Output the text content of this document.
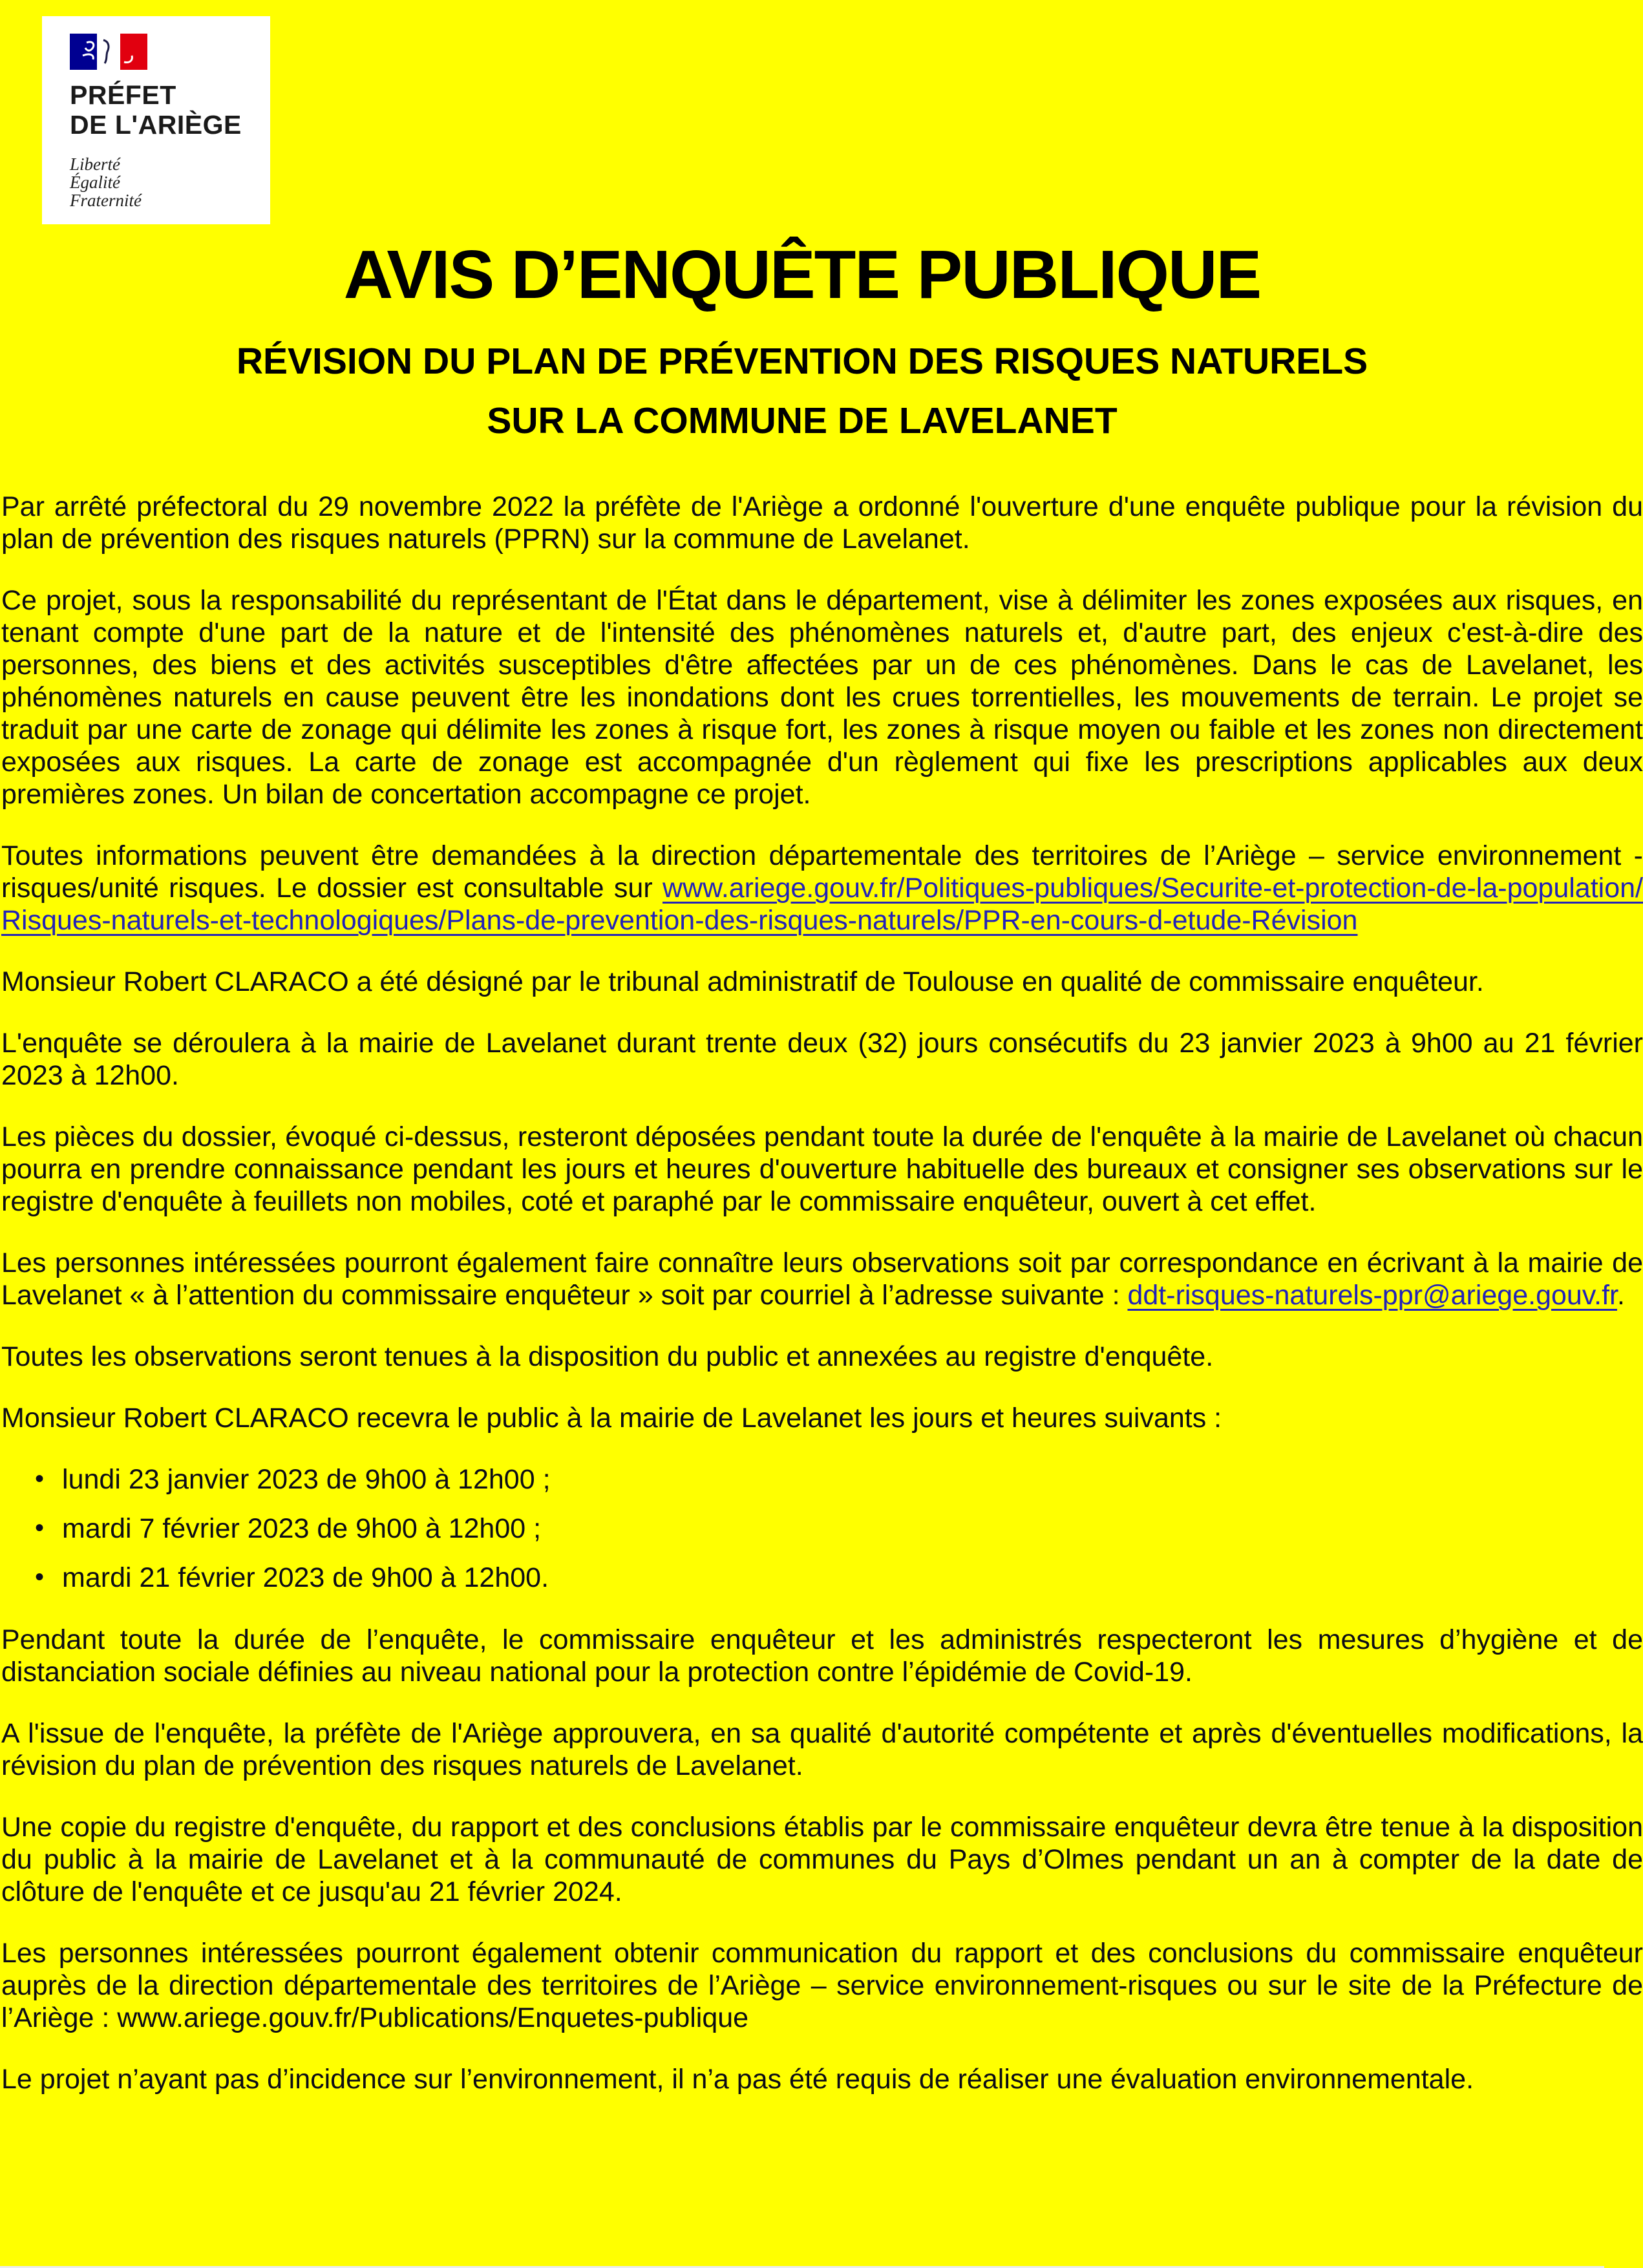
PRÉFET
DE L'ARIÈGE
Liberté
Égalité
Fraternité
AVIS D’ENQUÊTE PUBLIQUE
RÉVISION DU PLAN DE PRÉVENTION DES RISQUES NATURELS
SUR LA COMMUNE DE LAVELANET

Par arrêté préfectoral du 29 novembre 2022 la préfète de l'Ariège a ordonné l'ouverture d'une enquête publique pour la révision du plan de prévention des risques naturels (PPRN) sur la commune de Lavelanet.

Ce projet, sous la responsabilité du représentant de l'État dans le département, vise à délimiter les zones exposées aux risques, en tenant compte d'une part de la nature et de l'intensité des phénomènes naturels et, d'autre part, des enjeux c'est-à-dire des personnes, des biens et des activités susceptibles d'être affectées par un de ces phénomènes. Dans le cas de Lavelanet, les phénomènes naturels en cause peuvent être les inondations dont les crues torrentielles, les mouvements de terrain. Le projet se traduit par une carte de zonage qui délimite les zones à risque fort, les zones à risque moyen ou faible et les zones non directement exposées aux risques. La carte de zonage est accompagnée d'un règlement qui fixe les prescriptions applicables aux deux premières zones. Un bilan de concertation accompagne ce projet.

Toutes informations peuvent être demandées à la direction départementale des territoires de l’Ariège – service environnement - risques/unité risques. Le dossier est consultable sur www.ariege.gouv.fr/Politiques-publiques/Securite-et-protection-de-la-population/Risques-naturels-et-technologiques/Plans-de-prevention-des-risques-naturels/PPR-en-cours-d-etude-Révision

Monsieur Robert CLARACO a été désigné par le tribunal administratif de Toulouse en qualité de commissaire enquêteur.

L'enquête se déroulera à la mairie de Lavelanet durant trente deux (32) jours consécutifs du 23 janvier 2023 à 9h00 au 21 février 2023 à 12h00.

Les pièces du dossier, évoqué ci-dessus, resteront déposées pendant toute la durée de l'enquête à la mairie de Lavelanet où chacun pourra en prendre connaissance pendant les jours et heures d'ouverture habituelle des bureaux et consigner ses observations sur le registre d'enquête à feuillets non mobiles, coté et paraphé par le commissaire enquêteur, ouvert à cet effet.

Les personnes intéressées pourront également faire connaître leurs observations soit par correspondance en écrivant à la mairie de Lavelanet « à l’attention du commissaire enquêteur » soit par courriel à l’adresse suivante : ddt-risques-naturels-ppr@ariege.gouv.fr.

Toutes les observations seront tenues à la disposition du public et annexées au registre d'enquête.

Monsieur Robert CLARACO recevra le public à la mairie de Lavelanet les jours et heures suivants :

• lundi 23 janvier 2023 de 9h00 à 12h00 ;
• mardi 7 février 2023 de 9h00 à 12h00 ;
• mardi 21 février 2023 de 9h00 à 12h00.

Pendant toute la durée de l’enquête, le commissaire enquêteur et les administrés respecteront les mesures d’hygiène et de distanciation sociale définies au niveau national pour la protection contre l’épidémie de Covid-19.

A l'issue de l'enquête, la préfète de l'Ariège approuvera, en sa qualité d'autorité compétente et après d'éventuelles modifications, la révision du plan de prévention des risques naturels de Lavelanet.

Une copie du registre d'enquête, du rapport et des conclusions établis par le commissaire enquêteur devra être tenue à la disposition du public à la mairie de Lavelanet et à la communauté de communes du Pays d’Olmes pendant un an à compter de la date de clôture de l'enquête et ce jusqu'au 21 février 2024.

Les personnes intéressées pourront également obtenir communication du rapport et des conclusions du commissaire enquêteur auprès de la direction départementale des territoires de l’Ariège – service environnement-risques ou sur le site de la Préfecture de l’Ariège : www.ariege.gouv.fr/Publications/Enquetes-publique

Le projet n’ayant pas d’incidence sur l’environnement, il n’a pas été requis de réaliser une évaluation environnementale.
